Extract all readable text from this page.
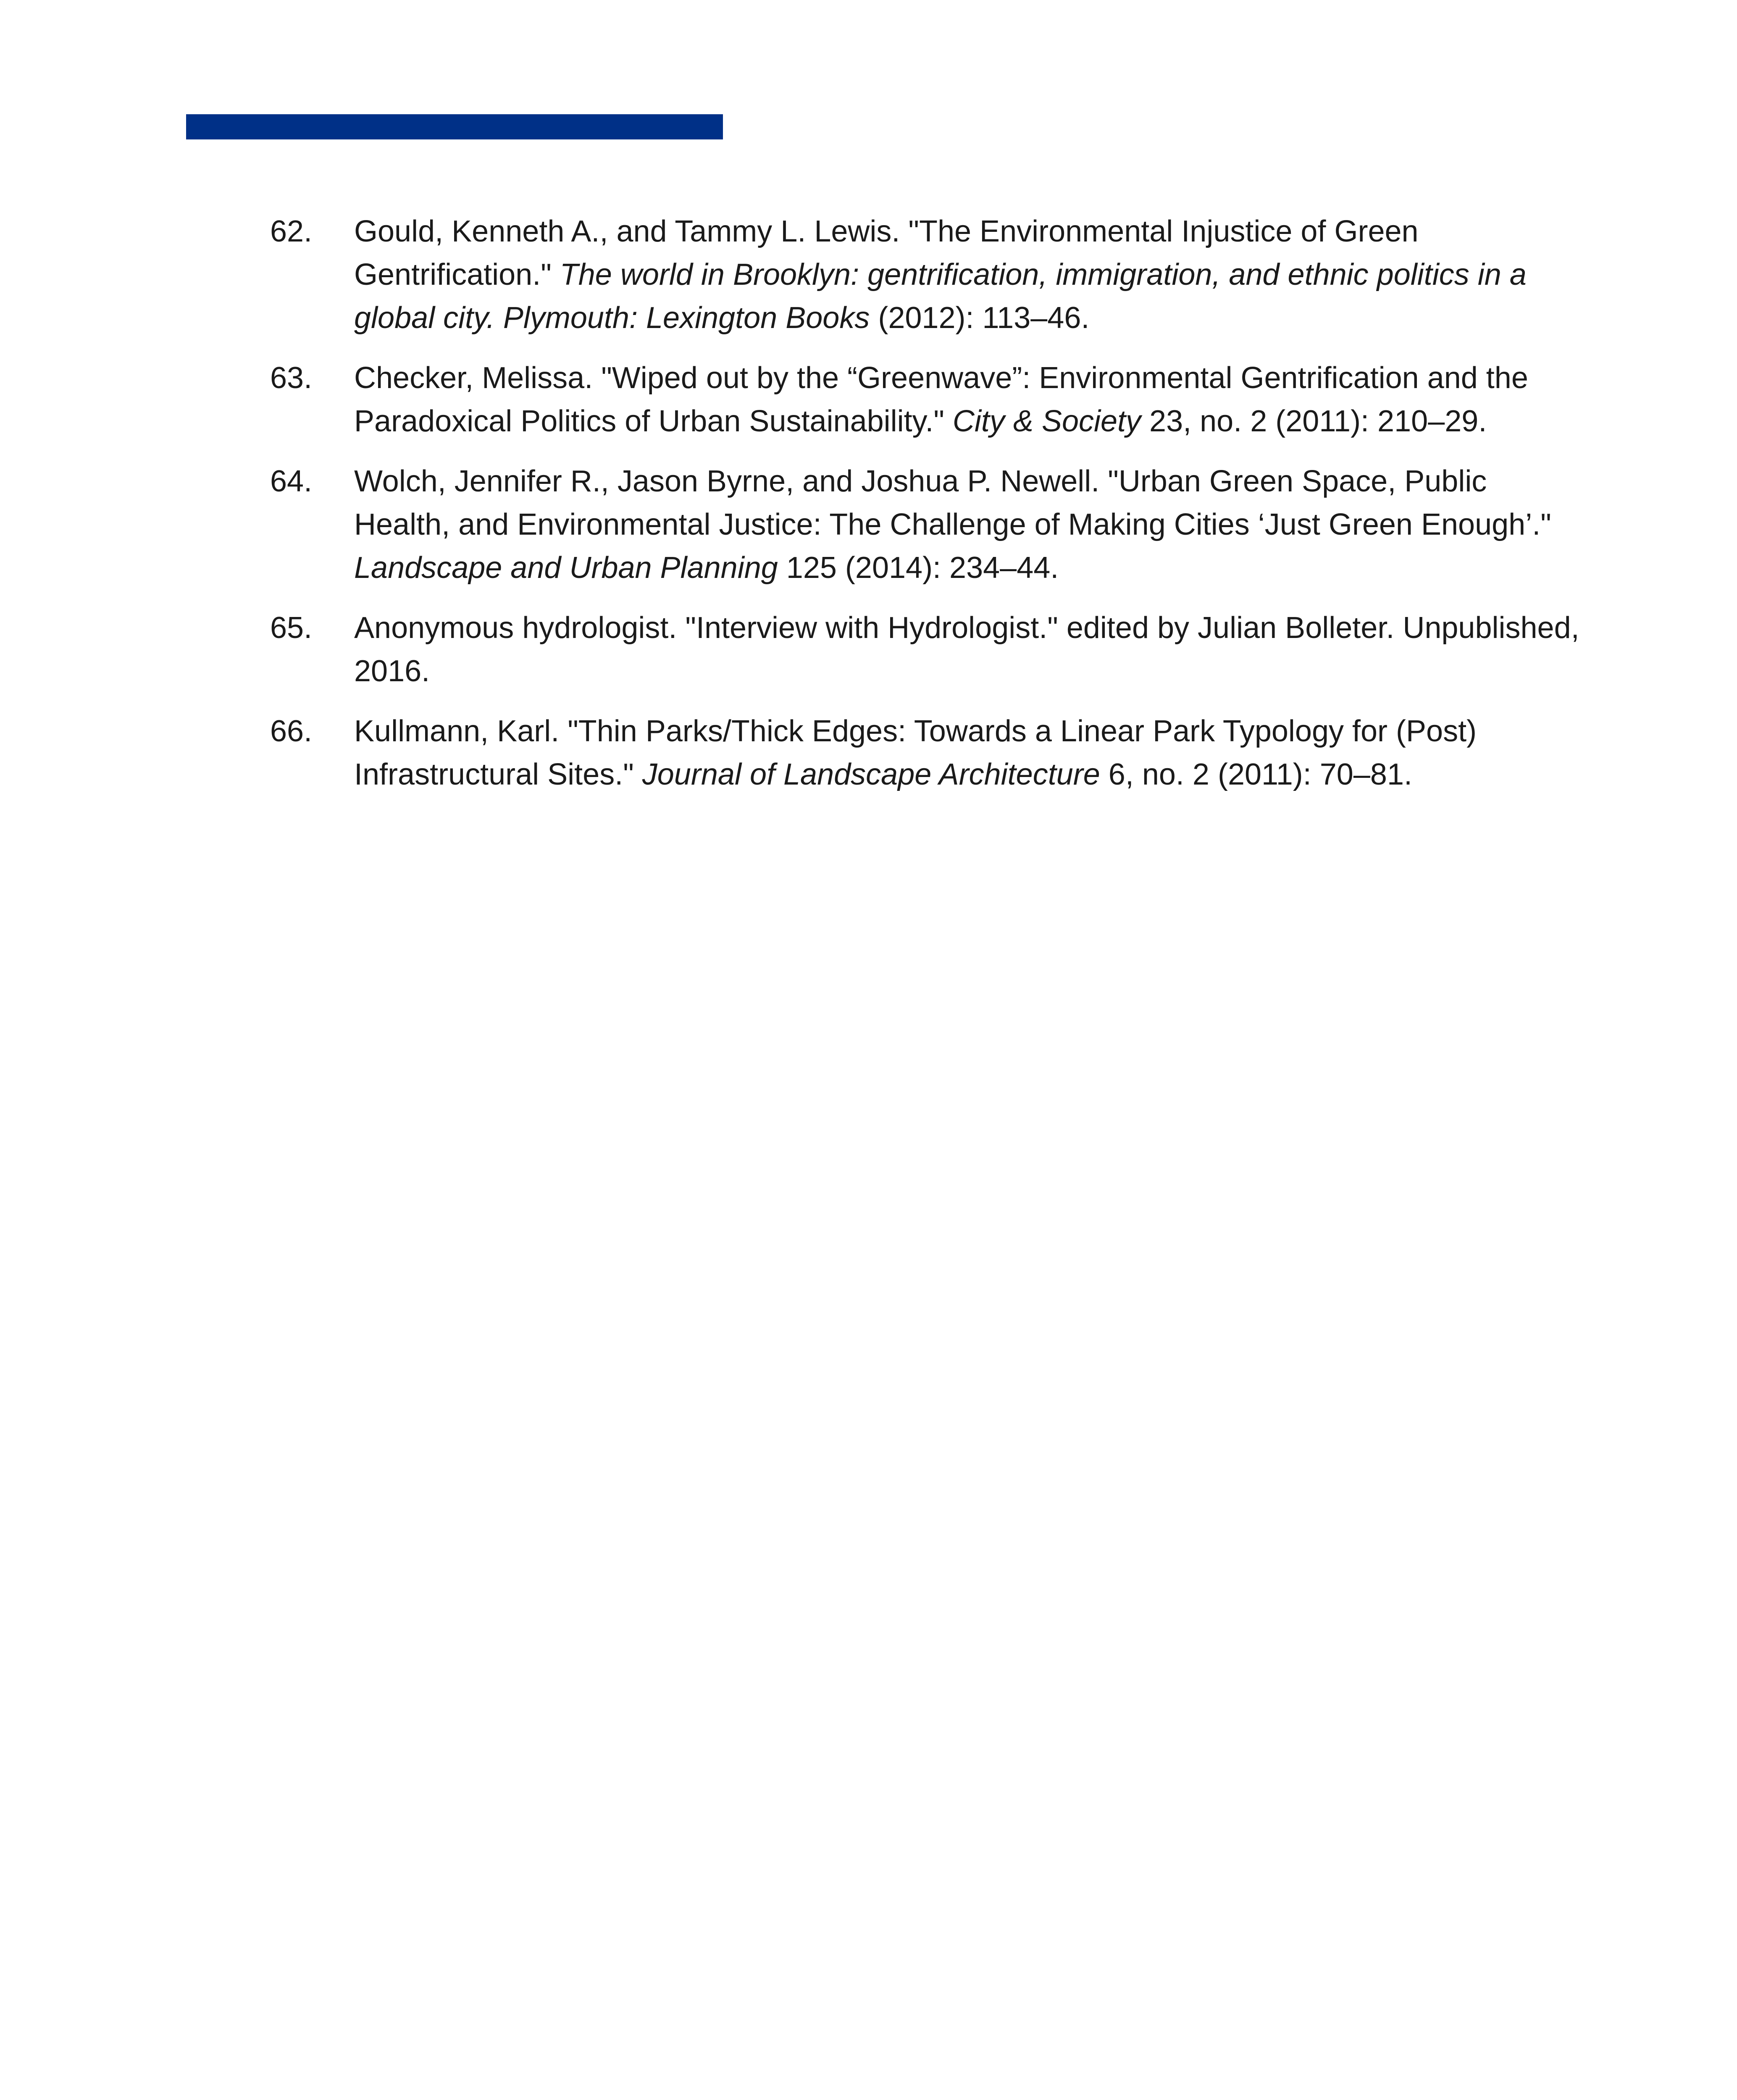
62. Gould, Kenneth A., and Tammy L. Lewis. "The Environmental Injustice of Green Gentrification." The world in Brooklyn: gentrification, immigration, and ethnic politics in a global city. Plymouth: Lexington Books (2012): 113–46.
63. Checker, Melissa. "Wiped out by the “Greenwave”: Environmental Gentrification and the Paradoxical Politics of Urban Sustainability." City & Society 23, no. 2 (2011): 210–29.
64. Wolch, Jennifer R., Jason Byrne, and Joshua P. Newell. "Urban Green Space, Public Health, and Environmental Justice: The Challenge of Making Cities ‘Just Green Enough’." Landscape and Urban Planning 125 (2014): 234–44.
65. Anonymous hydrologist. "Interview with Hydrologist." edited by Julian Bolleter. Unpublished, 2016.
66. Kullmann, Karl. "Thin Parks/Thick Edges: Towards a Linear Park Typology for (Post) Infrastructural Sites." Journal of Landscape Architecture 6, no. 2 (2011): 70–81.
